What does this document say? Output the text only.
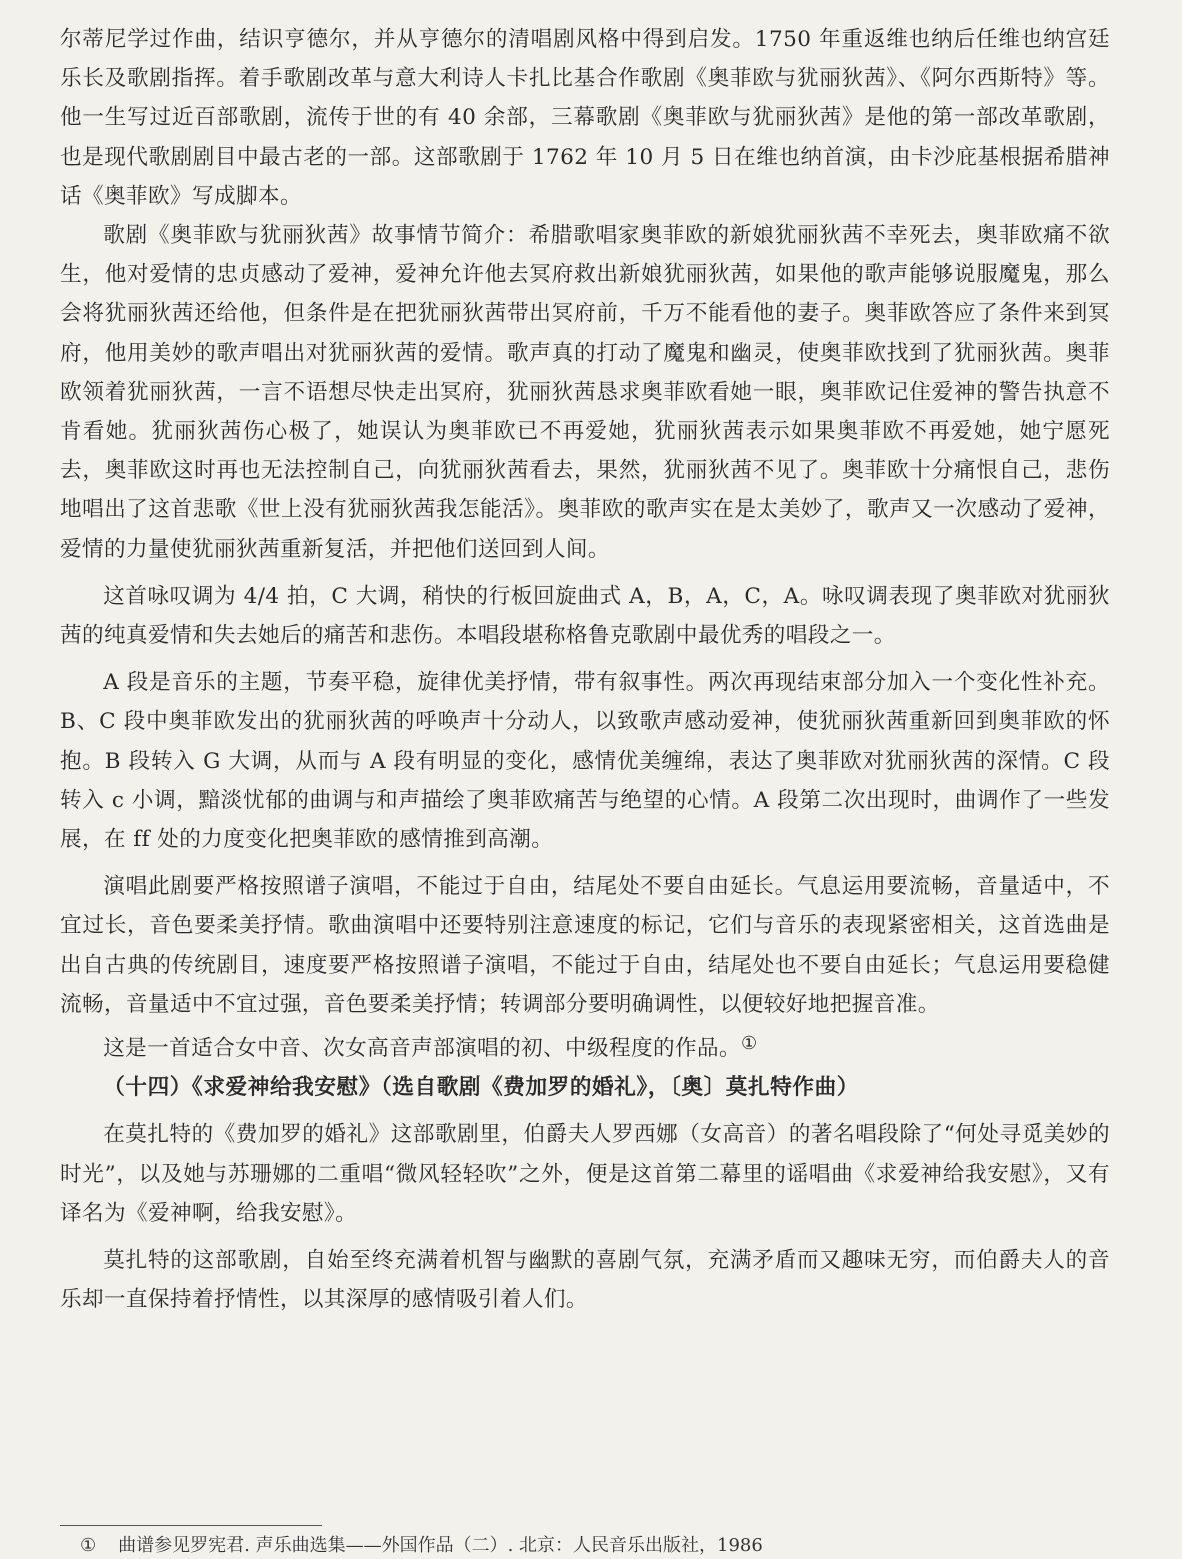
尔蒂尼学过作曲，结识亨德尔，并从亨德尔的清唱剧风格中得到启发。1750 年重返维也纳后任维也纳宫廷乐长及歌剧指挥。着手歌剧改革与意大利诗人卡扎比基合作歌剧《奥菲欧与犹丽狄茜》、《阿尔西斯特》等。他一生写过近百部歌剧，流传于世的有 40 余部，三幕歌剧《奥菲欧与犹丽狄茜》是他的第一部改革歌剧，也是现代歌剧剧目中最古老的一部。这部歌剧于 1762 年 10 月 5 日在维也纳首演，由卡沙庇基根据希腊神话《奥菲欧》写成脚本。

歌剧《奥菲欧与犹丽狄茜》故事情节简介：希腊歌唱家奥菲欧的新娘犹丽狄茜不幸死去，奥菲欧痛不欲生，他对爱情的忠贞感动了爱神，爱神允许他去冥府救出新娘犹丽狄茜，如果他的歌声能够说服魔鬼，那么会将犹丽狄茜还给他，但条件是在把犹丽狄茜带出冥府前，千万不能看他的妻子。奥菲欧答应了条件来到冥府，他用美妙的歌声唱出对犹丽狄茜的爱情。歌声真的打动了魔鬼和幽灵，使奥菲欧找到了犹丽狄茜。奥菲欧领着犹丽狄茜，一言不语想尽快走出冥府，犹丽狄茜恳求奥菲欧看她一眼，奥菲欧记住爱神的警告执意不肯看她。犹丽狄茜伤心极了，她误认为奥菲欧已不再爱她，犹丽狄茜表示如果奥菲欧不再爱她，她宁愿死去，奥菲欧这时再也无法控制自己，向犹丽狄茜看去，果然，犹丽狄茜不见了。奥菲欧十分痛恨自己，悲伤地唱出了这首悲歌《世上没有犹丽狄茜我怎能活》。奥菲欧的歌声实在是太美妙了，歌声又一次感动了爱神，爱情的力量使犹丽狄茜重新复活，并把他们送回到人间。

这首咏叹调为 4/4 拍，C 大调，稍快的行板回旋曲式 A，B，A，C，A。咏叹调表现了奥菲欧对犹丽狄茜的纯真爱情和失去她后的痛苦和悲伤。本唱段堪称格鲁克歌剧中最优秀的唱段之一。

A 段是音乐的主题，节奏平稳，旋律优美抒情，带有叙事性。两次再现结束部分加入一个变化性补充。B、C 段中奥菲欧发出的犹丽狄茜的呼唤声十分动人，以致歌声感动爱神，使犹丽狄茜重新回到奥菲欧的怀抱。B 段转入 G 大调，从而与 A 段有明显的变化，感情优美缠绵，表达了奥菲欧对犹丽狄茜的深情。C 段转入 c 小调，黯淡忧郁的曲调与和声描绘了奥菲欧痛苦与绝望的心情。A 段第二次出现时，曲调作了一些发展，在 ff 处的力度变化把奥菲欧的感情推到高潮。

演唱此剧要严格按照谱子演唱，不能过于自由，结尾处不要自由延长。气息运用要流畅，音量适中，不宜过长，音色要柔美抒情。歌曲演唱中还要特别注意速度的标记，它们与音乐的表现紧密相关，这首选曲是出自古典的传统剧目，速度要严格按照谱子演唱，不能过于自由，结尾处也不要自由延长；气息运用要稳健流畅，音量适中不宜过强，音色要柔美抒情；转调部分要明确调性，以便较好地把握音准。

这是一首适合女中音、次女高音声部演唱的初、中级程度的作品。①

（十四）《求爱神给我安慰》（选自歌剧《费加罗的婚礼》，〔奥〕莫扎特作曲）

在莫扎特的《费加罗的婚礼》这部歌剧里，伯爵夫人罗西娜（女高音）的著名唱段除了“何处寻觅美妙的时光”，以及她与苏珊娜的二重唱“微风轻轻吹”之外，便是这首第二幕里的谣唱曲《求爱神给我安慰》，又有译名为《爱神啊，给我安慰》。

莫扎特的这部歌剧，自始至终充满着机智与幽默的喜剧气氛，充满矛盾而又趣味无穷，而伯爵夫人的音乐却一直保持着抒情性，以其深厚的感情吸引着人们。

① 曲谱参见罗宪君. 声乐曲选集——外国作品（二）. 北京：人民音乐出版社，1986
